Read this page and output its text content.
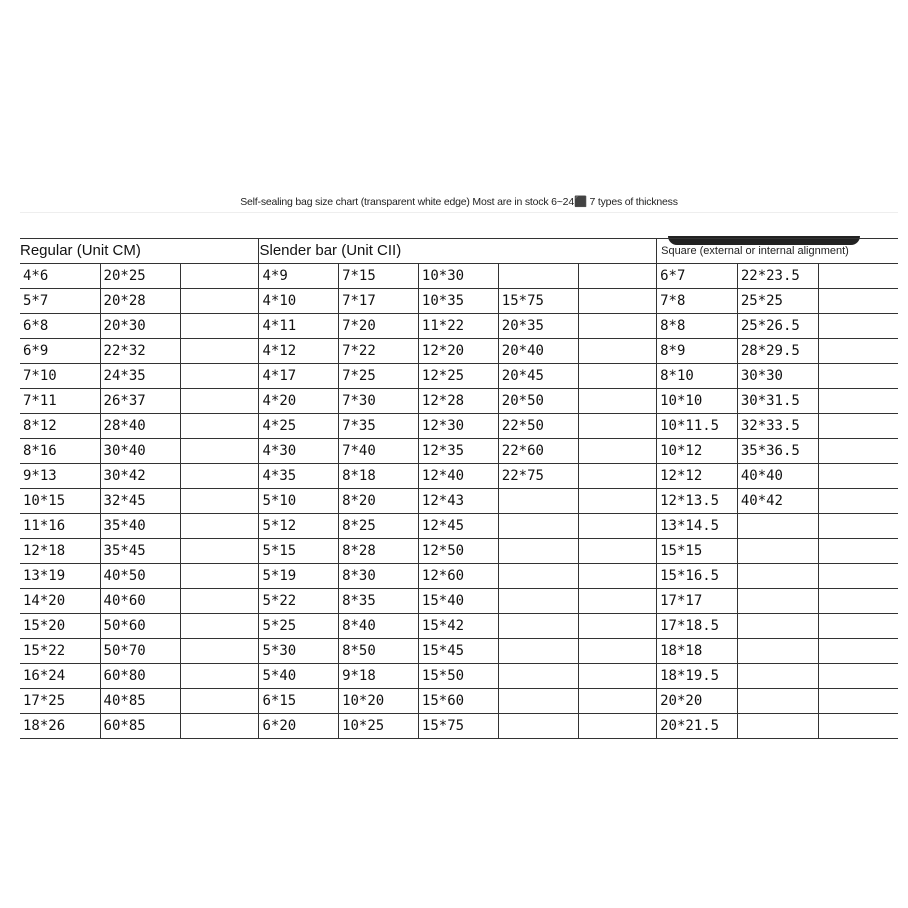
Self-sealing bag size chart (transparent white edge) Most are in stock 6~24⬛ 7 types of thickness
Regular (Unit CM)			Slender bar (Unit CII)					Square (external or internal alignment)		
4*6	20*25		4*9	7*15	10*30			6*7	22*23.5	
5*7	20*28		4*10	7*17	10*35	15*75		7*8	25*25	
6*8	20*30		4*11	7*20	11*22	20*35		8*8	25*26.5	
6*9	22*32		4*12	7*22	12*20	20*40		8*9	28*29.5	
7*10	24*35		4*17	7*25	12*25	20*45		8*10	30*30	
7*11	26*37		4*20	7*30	12*28	20*50		10*10	30*31.5	
8*12	28*40		4*25	7*35	12*30	22*50		10*11.5	32*33.5	
8*16	30*40		4*30	7*40	12*35	22*60		10*12	35*36.5	
9*13	30*42		4*35	8*18	12*40	22*75		12*12	40*40	
10*15	32*45		5*10	8*20	12*43			12*13.5	40*42	
11*16	35*40		5*12	8*25	12*45			13*14.5		
12*18	35*45		5*15	8*28	12*50			15*15		
13*19	40*50		5*19	8*30	12*60			15*16.5		
14*20	40*60		5*22	8*35	15*40			17*17		
15*20	50*60		5*25	8*40	15*42			17*18.5		
15*22	50*70		5*30	8*50	15*45			18*18		
16*24	60*80		5*40	9*18	15*50			18*19.5		
17*25	40*85		6*15	10*20	15*60			20*20		
18*26	60*85		6*20	10*25	15*75			20*21.5		
